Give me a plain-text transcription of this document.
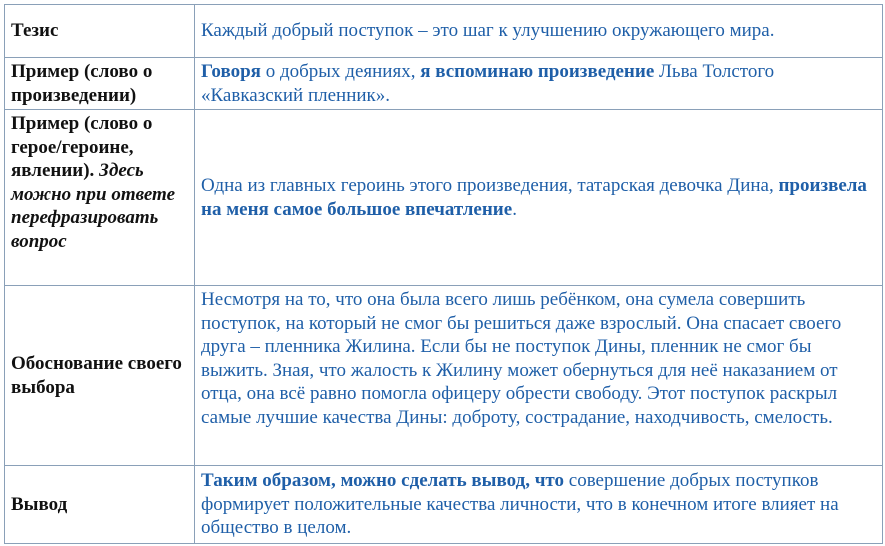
Тезис	Каждый добрый поступок – это шаг к улучшению окружающего мира.
Пример (слово о произведении)	Говоря о добрых деяниях, я вспоминаю произведение Льва Толстого «Кавказский пленник».
Пример (слово о герое/героине, явлении). Здесь можно при ответе перефразировать вопрос	Одна из главных героинь этого произведения, татарская девочка Дина, произвела на меня самое большое впечатление.
Обоснование своего выбора	Несмотря на то, что она была всего лишь ребёнком, она сумела совершить поступок, на который не смог бы решиться даже взрослый. Она спасает своего друга – пленника Жилина. Если бы не поступок Дины, пленник не смог бы выжить. Зная, что жалость к Жилину может обернуться для неё наказанием от отца, она всё равно помогла офицеру обрести свободу. Этот поступок раскрыл самые лучшие качества Дины: доброту, сострадание, находчивость, смелость.
Вывод	Таким образом, можно сделать вывод, что совершение добрых поступков формирует положительные качества личности, что в конечном итоге влияет на общество в целом.
